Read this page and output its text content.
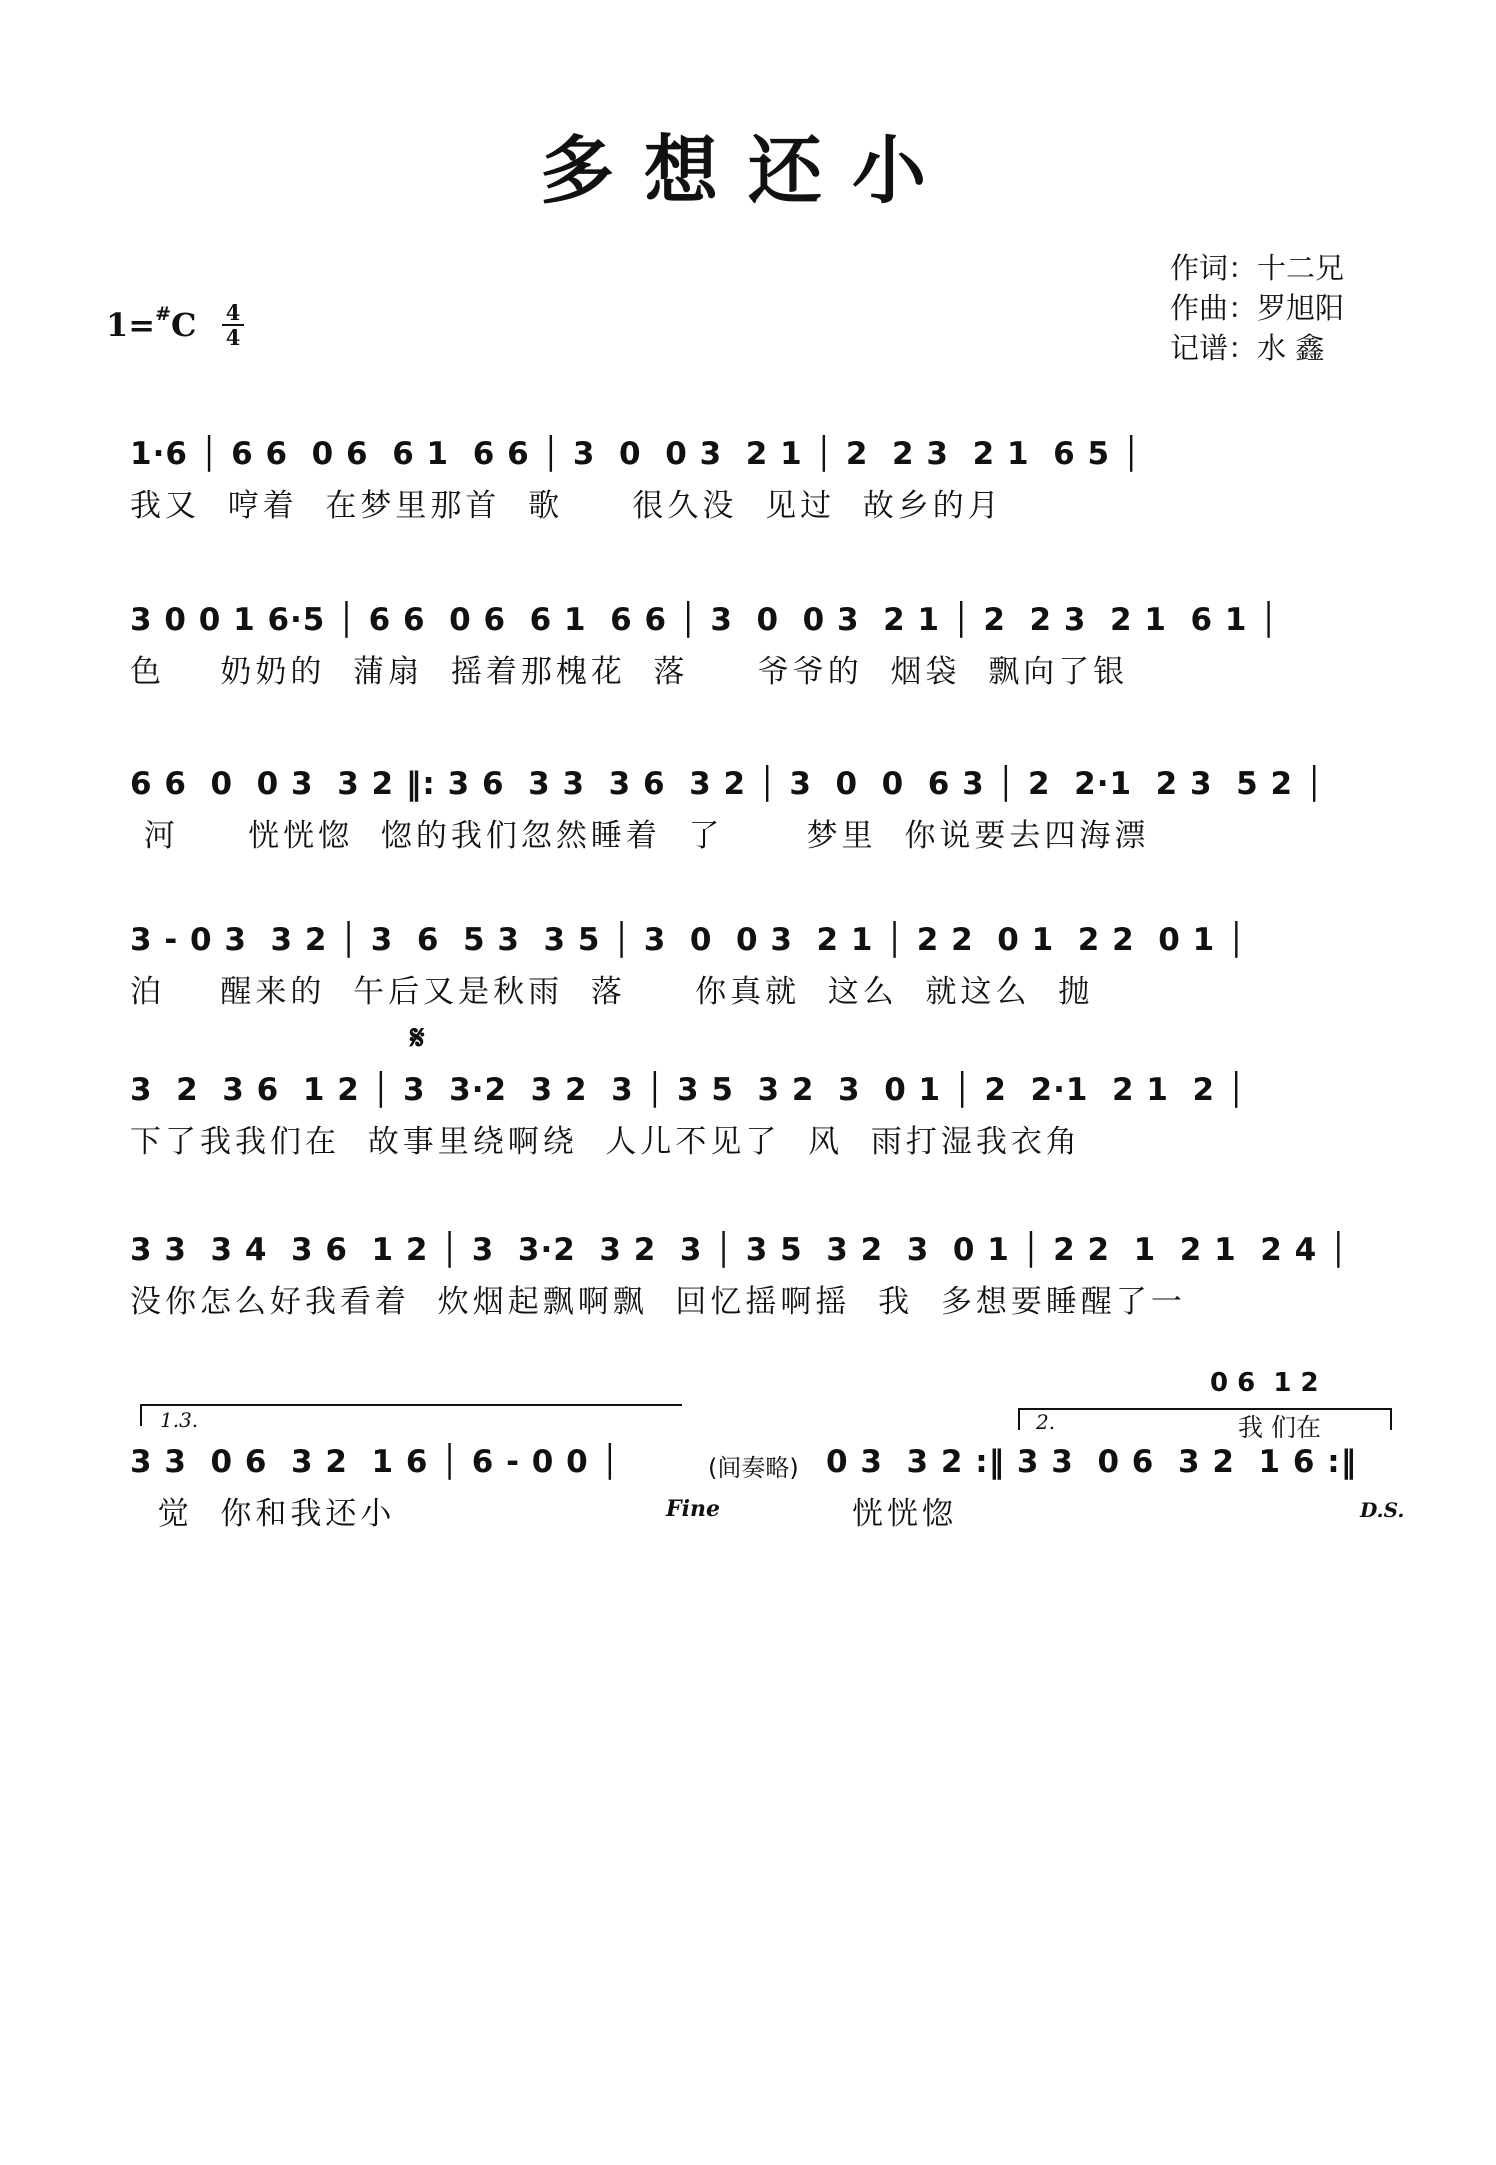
多想还小
作词：十二兄
作曲：罗旭阳
记谱：水 鑫
1=#C 4
4
1·6 │ 6 6  0 6  6 1  6 6 │ 3  0  0 3  2 1 │ 2  2 3  2 1  6 5 │
我又  哼着  在梦里那首  歌     很久没  见过  故乡的月
3 0 0 1 6·5 │ 6 6  0 6  6 1  6 6 │ 3  0  0 3  2 1 │ 2  2 3  2 1  6 1 │
色    奶奶的  蒲扇  摇着那槐花  落     爷爷的  烟袋  飘向了银
6 6  0  0 3  3 2 ‖: 3 6  3 3  3 6  3 2 │ 3  0  0  6 3 │ 2  2·1  2 3  5 2 │
河     恍恍惚  惚的我们忽然睡着  了      梦里  你说要去四海漂
3 - 0 3  3 2 │ 3  6  5 3  3 5 │ 3  0  0 3  2 1 │ 2 2  0 1  2 2  0 1 │
泊    醒来的  午后又是秋雨  落     你真就  这么  就这么  抛
𝄋
3  2  3 6  1 2 │ 3  3·2  3 2  3 │ 3 5  3 2  3  0 1 │ 2  2·1  2 1  2 │
下了我我们在  故事里绕啊绕  人儿不见了  风  雨打湿我衣角
3 3  3 4  3 6  1 2 │ 3  3·2  3 2  3 │ 3 5  3 2  3  0 1 │ 2 2  1  2 1  2 4 │
没你怎么好我看着  炊烟起飘啊飘  回忆摇啊摇  我  多想要睡醒了一
1.3.	2.
0 6  1 2
我 们在
3 3  0 6  3 2  1 6 │ 6 - 0 0 │	(间奏略) 0 3  3 2 :‖ 3 3  0 6  3 2  1 6 :‖
觉  你和我还小	恍恍惚
Fine	D.S.
